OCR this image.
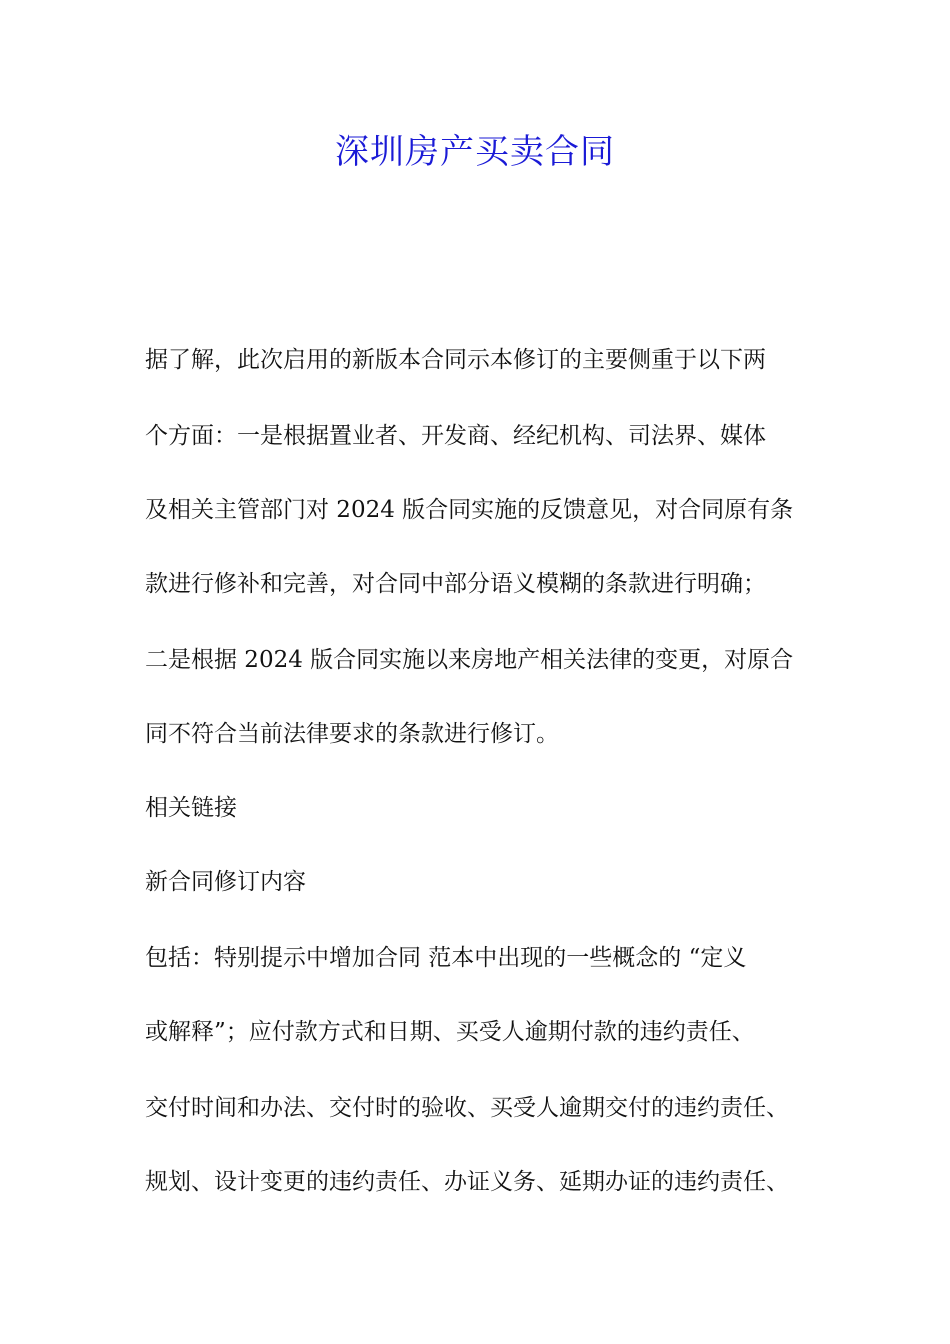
深圳房产买卖合同

据了解，此次启用的新版本合同示本修订的主要侧重于以下两

个方面：一是根据置业者、开发商、经纪机构、司法界、媒体

及相关主管部门对 2024 版合同实施的反馈意见，对合同原有条

款进行修补和完善，对合同中部分语义模糊的条款进行明确；

二是根据 2024 版合同实施以来房地产相关法律的变更，对原合

同不符合当前法律要求的条款进行修订。

相关链接

新合同修订内容

包括：特别提示中增加合同 范本中出现的一些概念的 “定义

或解释”；应付款方式和日期、买受人逾期付款的违约责任、

交付时间和办法、交付时的验收、买受人逾期交付的违约责任、

规划、设计变更的违约责任、办证义务、延期办证的违约责任、
